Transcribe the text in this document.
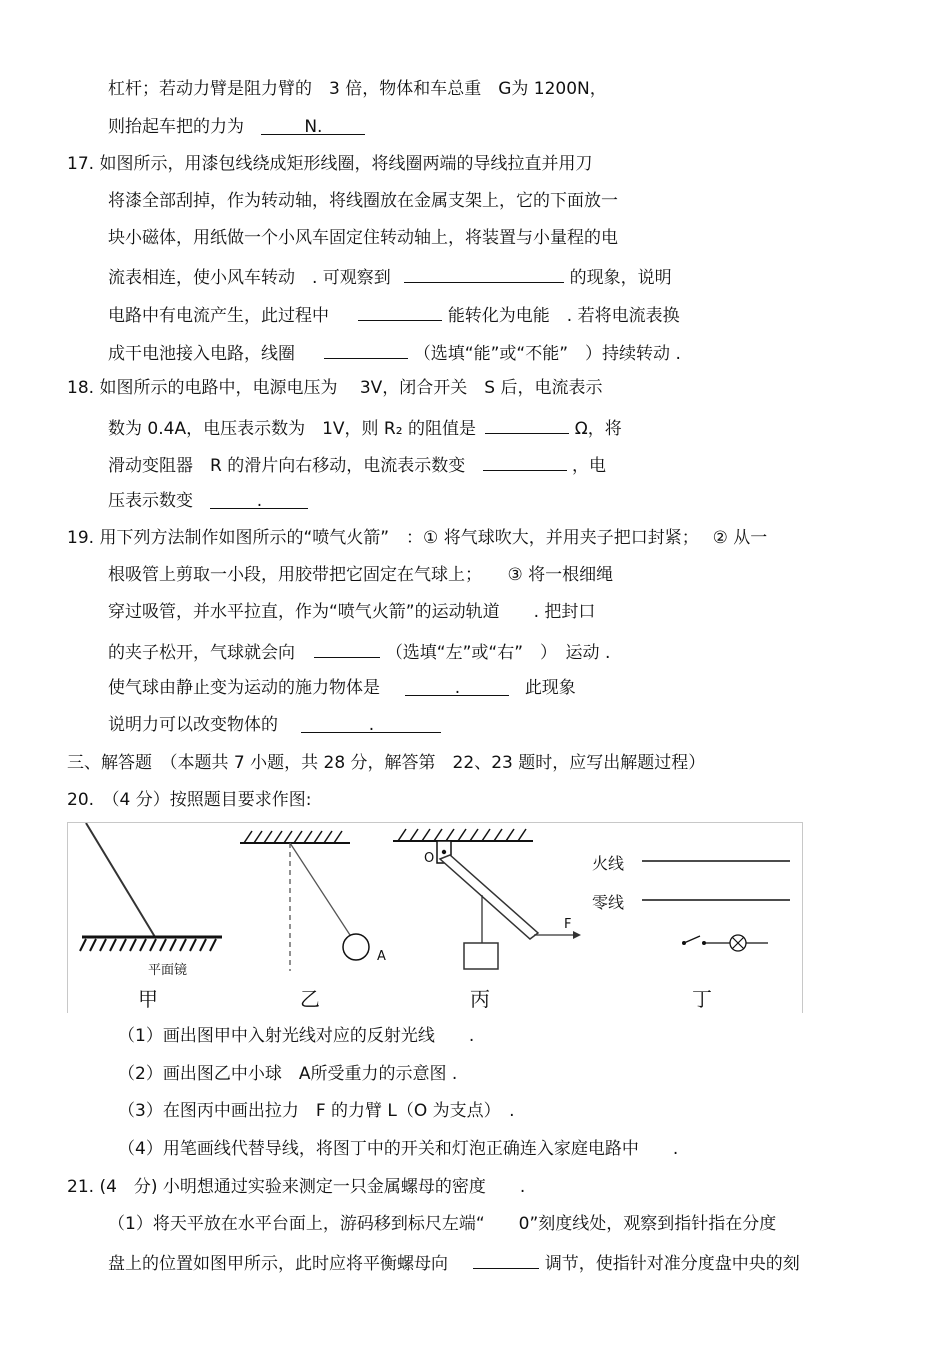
杠杆；若动力臂是阻力臂的　3 倍，物体和车总重　G为 1200N，
则抬起车把的力为	N.
17. 如图所示，用漆包线绕成矩形线圈，将线圈两端的导线拉直并用刀
将漆全部刮掉，作为转动轴，将线圈放在金属支架上，它的下面放一
块小磁体，用纸做一个小风车固定住转动轴上，将装置与小量程的电
流表相连，使小风车转动　. 可观察到	的现象，说明
电路中有电流产生，此过程中	能转化为电能　. 若将电流表换
成干电池接入电路，线圈	（选填“能”或“不能”　）持续转动 .
18. 如图所示的电路中，电源电压为　 3V，闭合开关　S 后，电流表示
数为 0.4A，电压表示数为　1V，则 R₂ 的阻值是	Ω，将
滑动变阻器　R 的滑片向右移动，电流表示数变	，电
压表示数变	.
19. 用下列方法制作如图所示的“喷气火箭”　：① 将气球吹大，并用夹子把口封紧；　 ② 从一
根吸管上剪取一小段，用胶带把它固定在气球上；　　③ 将一根细绳
穿过吸管，并水平拉直，作为“喷气火箭”的运动轨道　　. 把封口
的夹子松开，气球就会向	（选填“左”或“右”　）　运动 .
使气球由静止变为运动的施力物体是	.	此现象
说明力可以改变物体的	.
三、解答题　（本题共 7 小题，共 28 分，解答第　22、23 题时，应写出解题过程）
20.　（4 分）按照题目要求作图:
平面镜
A
O
F
火线
零线
甲	乙	丙	丁
（1）画出图甲中入射光线对应的反射光线　　.
（2）画出图乙中小球　A所受重力的示意图 .
（3）在图丙中画出拉力　F 的力臂 L（O 为支点）　.
（4）用笔画线代替导线，将图丁中的开关和灯泡正确连入家庭电路中　　.
21. (4　分) 小明想通过实验来测定一只金属螺母的密度　　.
（1）将天平放在水平台面上，游码移到标尺左端“　　0”刻度线处，观察到指针指在分度
盘上的位置如图甲所示，此时应将平衡螺母向	调节，使指针对准分度盘中央的刻
